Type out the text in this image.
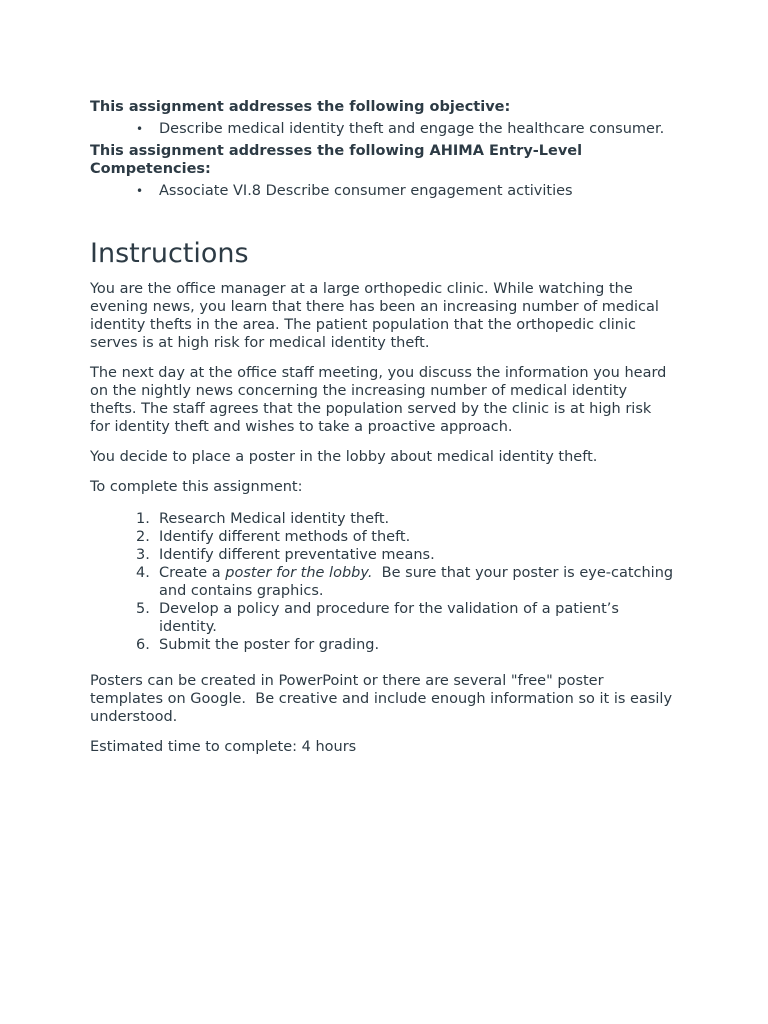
This assignment addresses the following objective:

• Describe medical identity theft and engage the healthcare consumer.

This assignment addresses the following AHIMA Entry-Level Competencies:

• Associate VI.8 Describe consumer engagement activities
Instructions

You are the office manager at a large orthopedic clinic. While watching the evening news, you learn that there has been an increasing number of medical identity thefts in the area. The patient population that the orthopedic clinic serves is at high risk for medical identity theft.

The next day at the office staff meeting, you discuss the information you heard on the nightly news concerning the increasing number of medical identity thefts. The staff agrees that the population served by the clinic is at high risk for identity theft and wishes to take a proactive approach.

You decide to place a poster in the lobby about medical identity theft.

To complete this assignment:

1. Research Medical identity theft.
2. Identify different methods of theft.
3. Identify different preventative means.
4. Create a poster for the lobby.  Be sure that your poster is eye-catching and contains graphics.
5. Develop a policy and procedure for the validation of a patient’s identity.
6. Submit the poster for grading.

Posters can be created in PowerPoint or there are several "free" poster templates on Google.  Be creative and include enough information so it is easily understood.

Estimated time to complete: 4 hours
